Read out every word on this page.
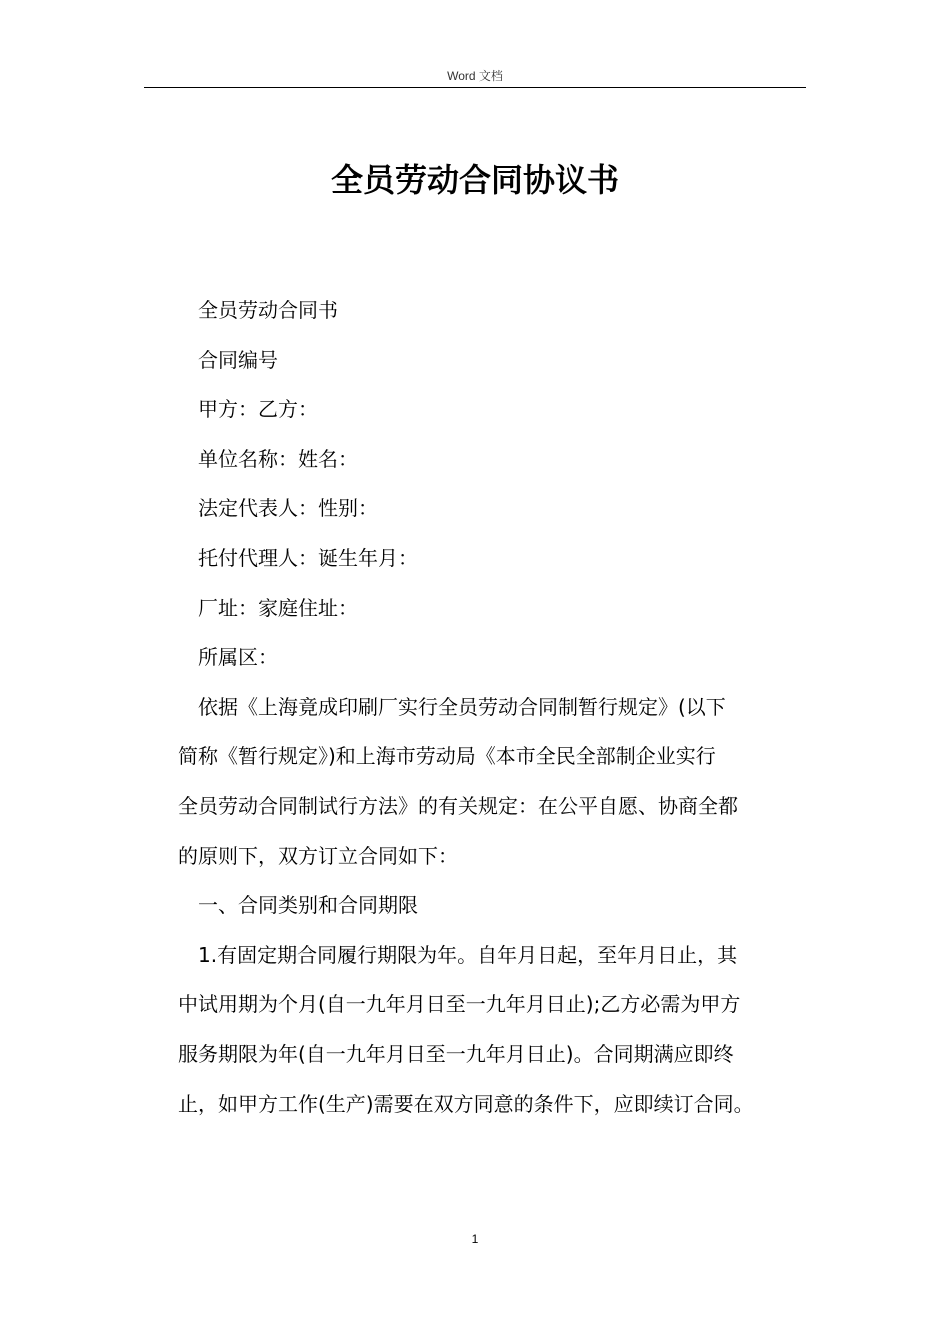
Word 文档
全员劳动合同协议书

全员劳动合同书

合同编号

甲方：乙方：

单位名称：姓名：

法定代表人：性别：

托付代理人：诞生年月：

厂址：家庭住址：

所属区：

依据《上海竟成印刷厂实行全员劳动合同制暂行规定》(以下

简称《暂行规定》)和上海市劳动局《本市全民全部制企业实行

全员劳动合同制试行方法》的有关规定：在公平自愿、协商全都

的原则下，双方订立合同如下：

一、合同类别和合同期限

1.有固定期合同履行期限为年。自年月日起，至年月日止，其

中试用期为个月(自一九年月日至一九年月日止);乙方必需为甲方

服务期限为年(自一九年月日至一九年月日止)。合同期满应即终

止，如甲方工作(生产)需要在双方同意的条件下，应即续订合同。

1
